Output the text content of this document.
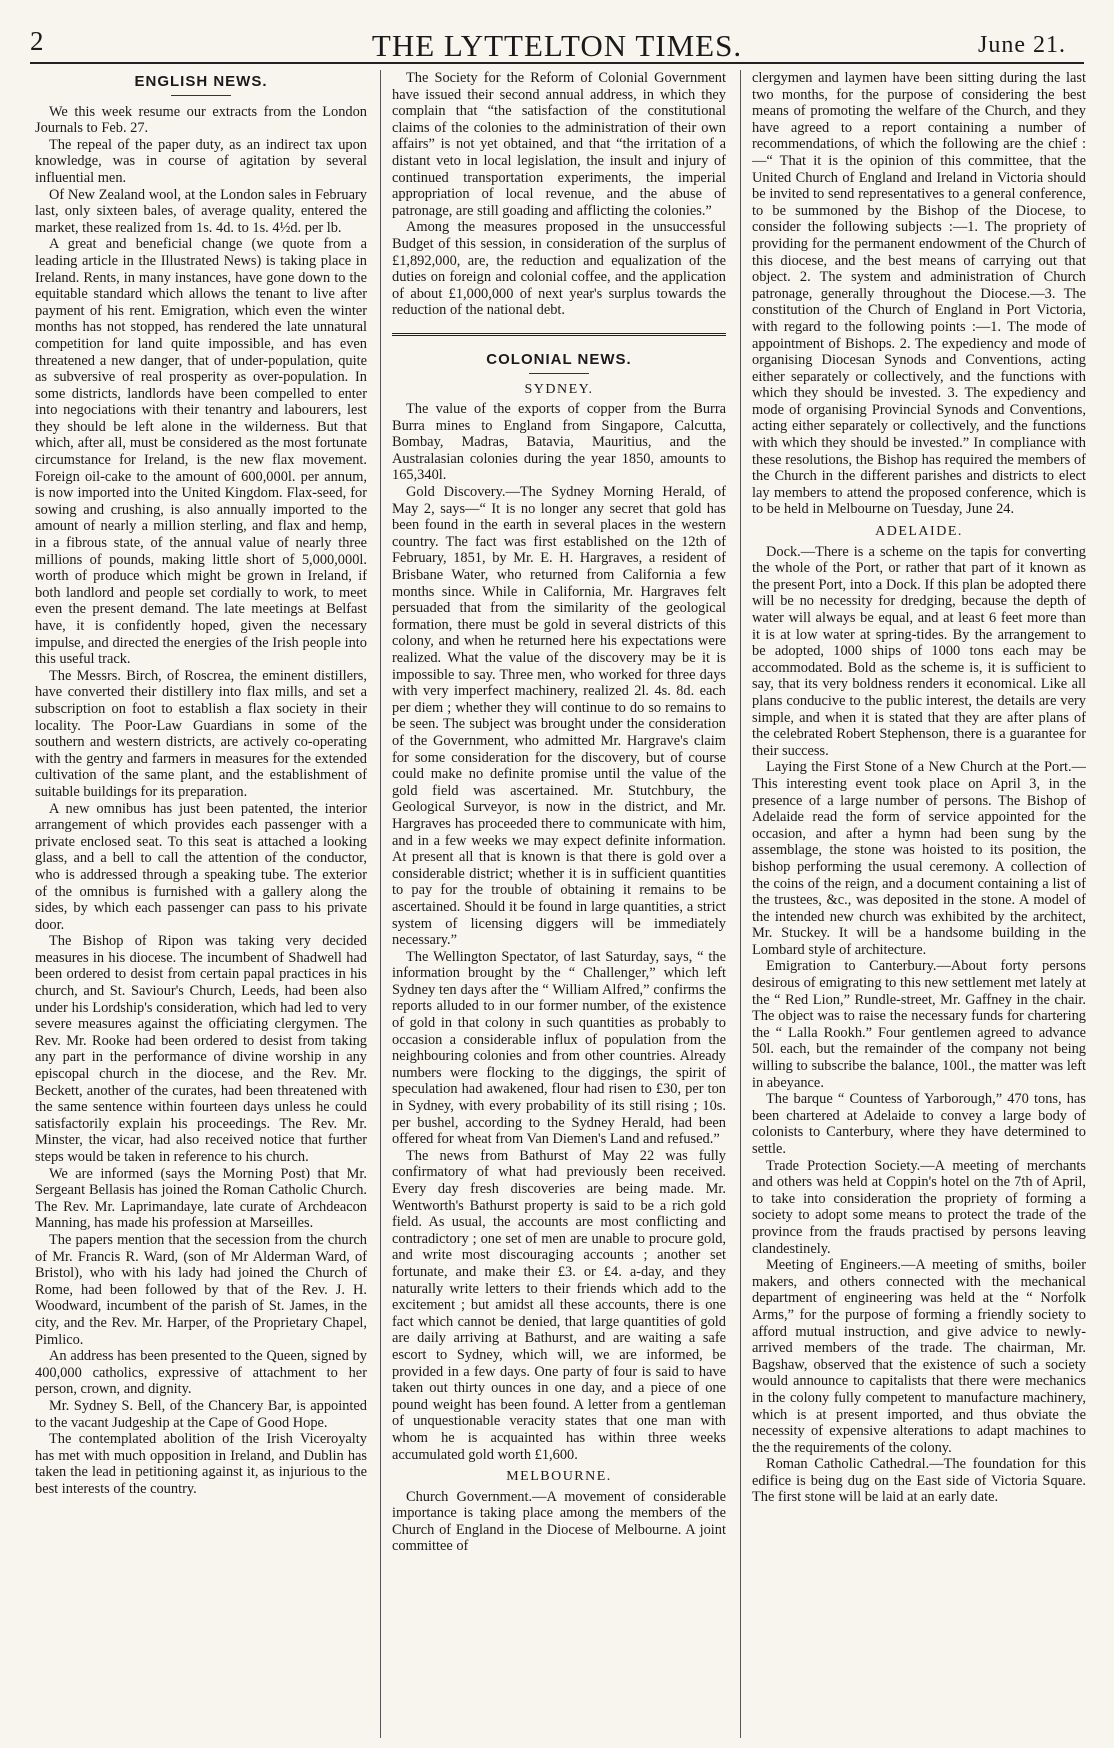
2	THE LYTTELTON TIMES.	June 21.
ENGLISH NEWS.

We this week resume our extracts from the London Journals to Feb. 27.

The repeal of the paper duty, as an indirect tax upon knowledge, was in course of agitation by several influential men.

Of New Zealand wool, at the London sales in February last, only sixteen bales, of average quality, entered the market, these realized from 1s. 4d. to 1s. 4½d. per lb.

A great and beneficial change (we quote from a leading article in the Illustrated News) is taking place in Ireland. Rents, in many instances, have gone down to the equitable standard which allows the tenant to live after payment of his rent. Emigration, which even the winter months has not stopped, has rendered the late unnatural competition for land quite impossible, and has even threatened a new danger, that of under-population, quite as subversive of real prosperity as over-population. In some districts, landlords have been compelled to enter into negociations with their tenantry and labourers, lest they should be left alone in the wilderness. But that which, after all, must be considered as the most fortunate circumstance for Ireland, is the new flax movement. Foreign oil-cake to the amount of 600,000l. per annum, is now imported into the United Kingdom. Flax-seed, for sowing and crushing, is also annually imported to the amount of nearly a million sterling, and flax and hemp, in a fibrous state, of the annual value of nearly three millions of pounds, making little short of 5,000,000l. worth of produce which might be grown in Ireland, if both landlord and people set cordially to work, to meet even the present demand. The late meetings at Belfast have, it is confidently hoped, given the necessary impulse, and directed the energies of the Irish people into this useful track.

The Messrs. Birch, of Roscrea, the eminent distillers, have converted their distillery into flax mills, and set a subscription on foot to establish a flax society in their locality. The Poor-Law Guardians in some of the southern and western districts, are actively co-operating with the gentry and farmers in measures for the extended cultivation of the same plant, and the establishment of suitable buildings for its preparation.

A new omnibus has just been patented, the interior arrangement of which provides each passenger with a private enclosed seat. To this seat is attached a looking glass, and a bell to call the attention of the conductor, who is addressed through a speaking tube. The exterior of the omnibus is furnished with a gallery along the sides, by which each passenger can pass to his private door.

The Bishop of Ripon was taking very decided measures in his diocese. The incumbent of Shadwell had been ordered to desist from certain papal practices in his church, and St. Saviour's Church, Leeds, had been also under his Lordship's consideration, which had led to very severe measures against the officiating clergymen. The Rev. Mr. Rooke had been ordered to desist from taking any part in the performance of divine worship in any episcopal church in the diocese, and the Rev. Mr. Beckett, another of the curates, had been threatened with the same sentence within fourteen days unless he could satisfactorily explain his proceedings. The Rev. Mr. Minster, the vicar, had also received notice that further steps would be taken in reference to his church.

We are informed (says the Morning Post) that Mr. Sergeant Bellasis has joined the Roman Catholic Church. The Rev. Mr. Laprimandaye, late curate of Archdeacon Manning, has made his profession at Marseilles.

The papers mention that the secession from the church of Mr. Francis R. Ward, (son of Mr Alderman Ward, of Bristol), who with his lady had joined the Church of Rome, had been followed by that of the Rev. J. H. Woodward, incumbent of the parish of St. James, in the city, and the Rev. Mr. Harper, of the Proprietary Chapel, Pimlico.

An address has been presented to the Queen, signed by 400,000 catholics, expressive of attachment to her person, crown, and dignity.

Mr. Sydney S. Bell, of the Chancery Bar, is appointed to the vacant Judgeship at the Cape of Good Hope.

The contemplated abolition of the Irish Viceroyalty has met with much opposition in Ireland, and Dublin has taken the lead in petitioning against it, as injurious to the best interests of the country.

The Society for the Reform of Colonial Government have issued their second annual address, in which they complain that “the satisfaction of the constitutional claims of the colonies to the administration of their own affairs” is not yet obtained, and that “the irritation of a distant veto in local legislation, the insult and injury of continued transportation experiments, the imperial appropriation of local revenue, and the abuse of patronage, are still goading and afflicting the colonies.”

Among the measures proposed in the unsuccessful Budget of this session, in consideration of the surplus of £1,892,000, are, the reduction and equalization of the duties on foreign and colonial coffee, and the application of about £1,000,000 of next year's surplus towards the reduction of the national debt.

COLONIAL NEWS.
SYDNEY.

The value of the exports of copper from the Burra Burra mines to England from Singapore, Calcutta, Bombay, Madras, Batavia, Mauritius, and the Australasian colonies during the year 1850, amounts to 165,340l.

Gold Discovery.—The Sydney Morning Herald, of May 2, says—“ It is no longer any secret that gold has been found in the earth in several places in the western country. The fact was first established on the 12th of February, 1851, by Mr. E. H. Hargraves, a resident of Brisbane Water, who returned from California a few months since. While in California, Mr. Hargraves felt persuaded that from the similarity of the geological formation, there must be gold in several districts of this colony, and when he returned here his expectations were realized. What the value of the discovery may be it is impossible to say. Three men, who worked for three days with very imperfect machinery, realized 2l. 4s. 8d. each per diem ; whether they will continue to do so remains to be seen. The subject was brought under the consideration of the Government, who admitted Mr. Hargrave's claim for some consideration for the discovery, but of course could make no definite promise until the value of the gold field was ascertained. Mr. Stutchbury, the Geological Surveyor, is now in the district, and Mr. Hargraves has proceeded there to communicate with him, and in a few weeks we may expect definite information. At present all that is known is that there is gold over a considerable district; whether it is in sufficient quantities to pay for the trouble of obtaining it remains to be ascertained. Should it be found in large quantities, a strict system of licensing diggers will be immediately necessary.”

The Wellington Spectator, of last Saturday, says, “ the information brought by the “ Challenger,” which left Sydney ten days after the “ William Alfred,” confirms the reports alluded to in our former number, of the existence of gold in that colony in such quantities as probably to occasion a considerable influx of population from the neighbouring colonies and from other countries. Already numbers were flocking to the diggings, the spirit of speculation had awakened, flour had risen to £30, per ton in Sydney, with every probability of its still rising ; 10s. per bushel, according to the Sydney Herald, had been offered for wheat from Van Diemen's Land and refused.”

The news from Bathurst of May 22 was fully confirmatory of what had previously been received. Every day fresh discoveries are being made. Mr. Wentworth's Bathurst property is said to be a rich gold field. As usual, the accounts are most conflicting and contradictory ; one set of men are unable to procure gold, and write most discouraging accounts ; another set fortunate, and make their £3. or £4. a-day, and they naturally write letters to their friends which add to the excitement ; but amidst all these accounts, there is one fact which cannot be denied, that large quantities of gold are daily arriving at Bathurst, and are waiting a safe escort to Sydney, which will, we are informed, be provided in a few days. One party of four is said to have taken out thirty ounces in one day, and a piece of one pound weight has been found. A letter from a gentleman of unquestionable veracity states that one man with whom he is acquainted has within three weeks accumulated gold worth £1,600.

MELBOURNE.

Church Government.—A movement of considerable importance is taking place among the members of the Church of England in the Diocese of Melbourne. A joint committee of

clergymen and laymen have been sitting during the last two months, for the purpose of considering the best means of promoting the welfare of the Church, and they have agreed to a report containing a number of recommendations, of which the following are the chief :—“ That it is the opinion of this committee, that the United Church of England and Ireland in Victoria should be invited to send representatives to a general conference, to be summoned by the Bishop of the Diocese, to consider the following subjects :—1. The propriety of providing for the permanent endowment of the Church of this diocese, and the best means of carrying out that object. 2. The system and administration of Church patronage, generally throughout the Diocese.—3. The constitution of the Church of England in Port Victoria, with regard to the following points :—1. The mode of appointment of Bishops. 2. The expediency and mode of organising Diocesan Synods and Conventions, acting either separately or collectively, and the functions with which they should be invested. 3. The expediency and mode of organising Provincial Synods and Conventions, acting either separately or collectively, and the functions with which they should be invested.” In compliance with these resolutions, the Bishop has required the members of the Church in the different parishes and districts to elect lay members to attend the proposed conference, which is to be held in Melbourne on Tuesday, June 24.

ADELAIDE.

Dock.—There is a scheme on the tapis for converting the whole of the Port, or rather that part of it known as the present Port, into a Dock. If this plan be adopted there will be no necessity for dredging, because the depth of water will always be equal, and at least 6 feet more than it is at low water at spring-tides. By the arrangement to be adopted, 1000 ships of 1000 tons each may be accommodated. Bold as the scheme is, it is sufficient to say, that its very boldness renders it economical. Like all plans conducive to the public interest, the details are very simple, and when it is stated that they are after plans of the celebrated Robert Stephenson, there is a guarantee for their success.

Laying the First Stone of a New Church at the Port.—This interesting event took place on April 3, in the presence of a large number of persons. The Bishop of Adelaide read the form of service appointed for the occasion, and after a hymn had been sung by the assemblage, the stone was hoisted to its position, the bishop performing the usual ceremony. A collection of the coins of the reign, and a document containing a list of the trustees, &c., was deposited in the stone. A model of the intended new church was exhibited by the architect, Mr. Stuckey. It will be a handsome building in the Lombard style of architecture.

Emigration to Canterbury.—About forty persons desirous of emigrating to this new settlement met lately at the “ Red Lion,” Rundle-street, Mr. Gaffney in the chair. The object was to raise the necessary funds for chartering the “ Lalla Rookh.” Four gentlemen agreed to advance 50l. each, but the remainder of the company not being willing to subscribe the balance, 100l., the matter was left in abeyance.

The barque “ Countess of Yarborough,” 470 tons, has been chartered at Adelaide to convey a large body of colonists to Canterbury, where they have determined to settle.

Trade Protection Society.—A meeting of merchants and others was held at Coppin's hotel on the 7th of April, to take into consideration the propriety of forming a society to adopt some means to protect the trade of the province from the frauds practised by persons leaving clandestinely.

Meeting of Engineers.—A meeting of smiths, boiler makers, and others connected with the mechanical department of engineering was held at the “ Norfolk Arms,” for the purpose of forming a friendly society to afford mutual instruction, and give advice to newly-arrived members of the trade. The chairman, Mr. Bagshaw, observed that the existence of such a society would announce to capitalists that there were mechanics in the colony fully competent to manufacture machinery, which is at present imported, and thus obviate the necessity of expensive alterations to adapt machines to the the requirements of the colony.

Roman Catholic Cathedral.—The foundation for this edifice is being dug on the East side of Victoria Square. The first stone will be laid at an early date.
